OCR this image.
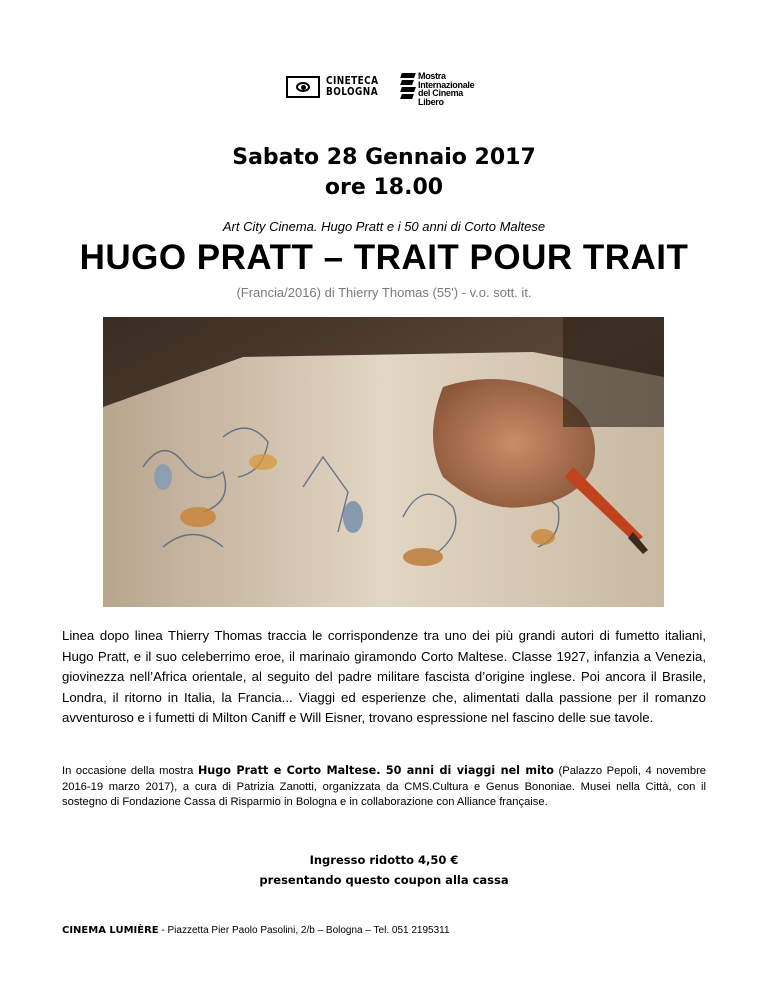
CINETECA
BOLOGNA
Mostra
Internazionale
del Cinema
Libero
Sabato 28 Gennaio 2017
ore 18.00
Art City Cinema. Hugo Pratt e i 50 anni di Corto Maltese
HUGO PRATT – TRAIT POUR TRAIT
(Francia/2016) di Thierry Thomas (55') - v.o. sott. it.
Linea dopo linea Thierry Thomas traccia le corrispondenze tra uno dei più grandi autori di fumetto italiani, Hugo Pratt, e il suo celeberrimo eroe, il marinaio giramondo Corto Maltese. Classe 1927, infanzia a Venezia, giovinezza nell’Africa orientale, al seguito del padre militare fascista d’origine inglese. Poi ancora il Brasile, Londra, il ritorno in Italia, la Francia... Viaggi ed esperienze che, alimentati dalla passione per il romanzo avventuroso e i fumetti di Milton Caniff e Will Eisner, trovano espressione nel fascino delle sue tavole.
In occasione della mostra Hugo Pratt e Corto Maltese. 50 anni di viaggi nel mito (Palazzo Pepoli, 4 novembre 2016-19 marzo 2017), a cura di Patrizia Zanotti, organizzata da CMS.Cultura e Genus Bononiae. Musei nella Città, con il sostegno di Fondazione Cassa di Risparmio in Bologna e in collaborazione con Alliance française.
Ingresso ridotto 4,50 €
presentando questo coupon alla cassa
CINEMA LUMIÈRE - Piazzetta Pier Paolo Pasolini, 2/b – Bologna – Tel. 051 2195311
